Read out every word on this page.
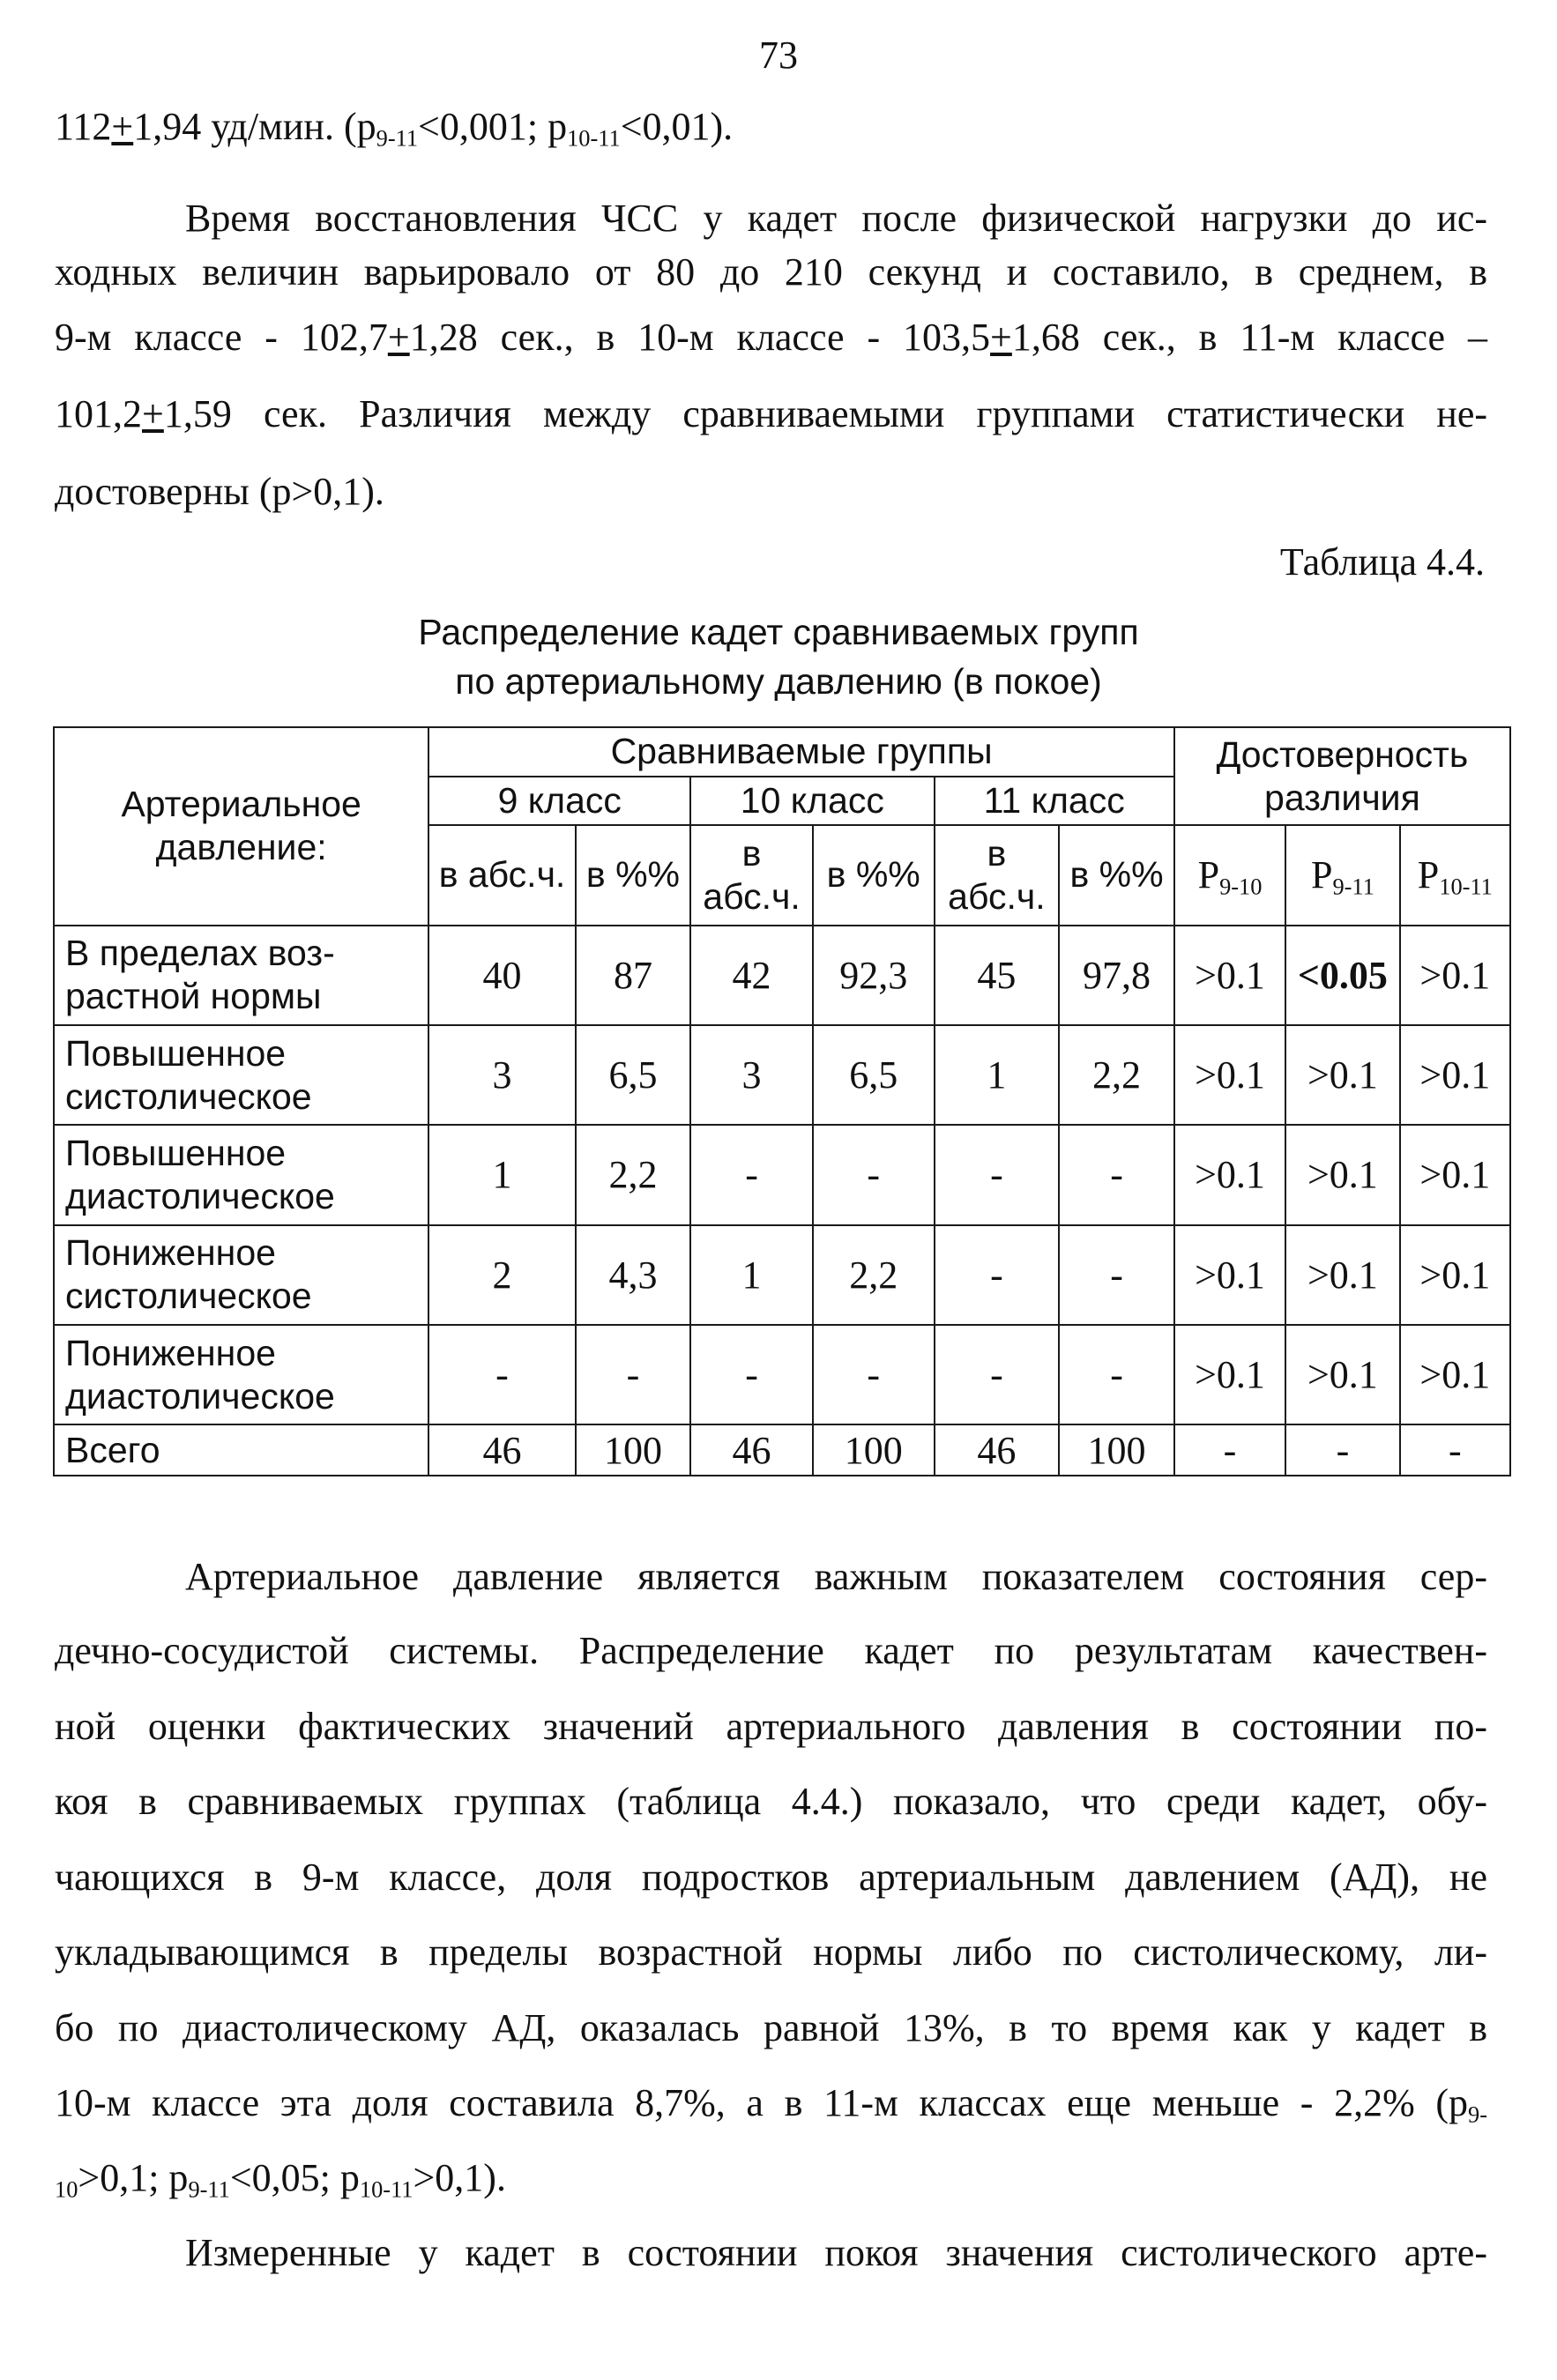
73
112+1,94 уд/мин. ($р_{9-11}<0,001$; $р_{10-11}<0,01$).
Время восстановления ЧСС у кадет после физической нагрузки до ис-
ходных величин варьировало от 80 до 210 секунд и составило, в среднем, в
9-м классе - 102,7+1,28 сек., в 10-м классе - 103,5+1,68 сек., в 11-м классе –
101,2+1,59 сек. Различия между сравниваемыми группами статистически не-
достоверны (р>0,1).
Таблица 4.4.
Распределение кадет сравниваемых групп
по артериальному давлению (в покое)
Артериальное давление:	Сравниваемые группы						Достоверность различия		
	9 класс		10 класс		11 класс				
	в абс.ч.	в %%	в абс.ч.	в %%	в абс.ч.	в %%	$Р_{9-10}$	$Р_{9-11}$	$Р_{10-11}$
В пределах воз-растной нормы	40	87	42	92,3	45	97,8	>0.1	<0.05	>0.1
Повышенное систолическое	3	6,5	3	6,5	1	2,2	>0.1	>0.1	>0.1
Повышенное диастолическое	1	2,2	-	-	-	-	>0.1	>0.1	>0.1
Пониженное систолическое	2	4,3	1	2,2	-	-	>0.1	>0.1	>0.1
Пониженное диастолическое	-	-	-	-	-	-	>0.1	>0.1	>0.1
Всего	46	100	46	100	46	100	-	-	-
Артериальное давление является важным показателем состояния сер-
дечно-сосудистой системы. Распределение кадет по результатам качествен-
ной оценки фактических значений артериального давления в состоянии по-
коя в сравниваемых группах (таблица 4.4.) показало, что среди кадет, обу-
чающихся в 9-м классе, доля подростков артериальным давлением (АД), не
укладывающимся в пределы возрастной нормы либо по систолическому, ли-
бо по диастолическому АД, оказалась равной 13%, в то время как у кадет в
10-м классе эта доля составила 8,7%, а в 11-м классах еще меньше - 2,2% ($р_{9-}$
$_{10}$>0,1; $р_{9-11}<0,05$; $р_{10-11}>0,1$).
Измеренные у кадет в состоянии покоя значения систолического арте-
